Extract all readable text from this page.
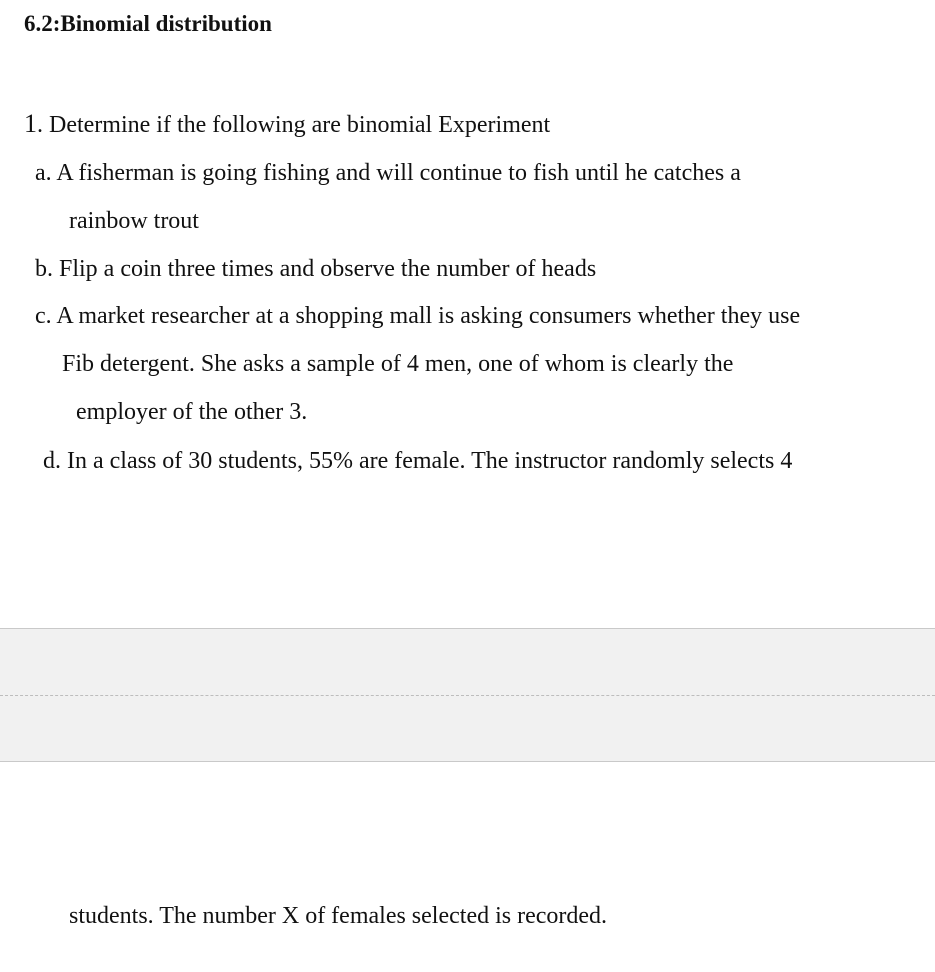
6.2:Binomial distribution
1. Determine if the following are binomial Experiment
a. A fisherman is going fishing and will continue to fish until he catches a
rainbow trout
b. Flip a coin three times and observe the number of heads
c. A market researcher at a shopping mall is asking consumers whether they use
Fib detergent. She asks a sample of 4 men, one of whom is clearly the
employer of the other 3.
d. In a class of 30 students, 55% are female. The instructor randomly selects 4
students. The number X of females selected is recorded.
